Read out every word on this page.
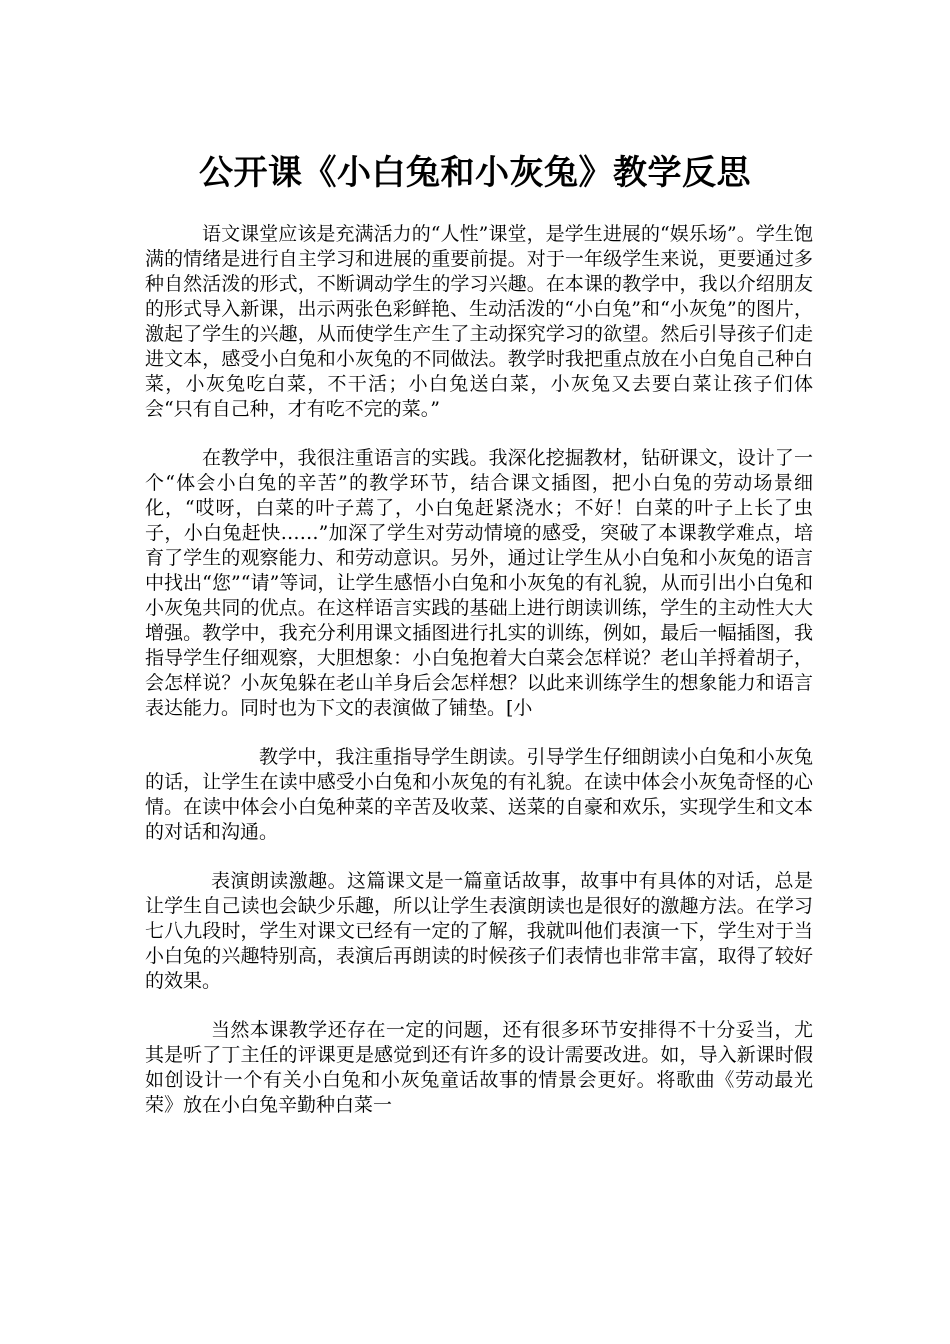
公开课《小白兔和小灰兔》教学反思

语文课堂应该是充满活力的“人性”课堂，是学生进展的“娱乐场”。学生饱满的情绪是进行自主学习和进展的重要前提。对于一年级学生来说，更要通过多种自然活泼的形式，不断调动学生的学习兴趣。在本课的教学中，我以介绍朋友的形式导入新课，出示两张色彩鲜艳、生动活泼的“小白兔”和“小灰兔”的图片，激起了学生的兴趣，从而使学生产生了主动探究学习的欲望。然后引导孩子们走进文本，感受小白兔和小灰兔的不同做法。教学时我把重点放在小白兔自己种白菜，小灰兔吃白菜，不干活；小白兔送白菜，小灰兔又去要白菜让孩子们体会“只有自己种，才有吃不完的菜。”

在教学中，我很注重语言的实践。我深化挖掘教材，钻研课文，设计了一个“体会小白兔的辛苦”的教学环节，结合课文插图，把小白兔的劳动场景细化，“哎呀，白菜的叶子蔫了，小白兔赶紧浇水；不好！白菜的叶子上长了虫子，小白兔赶快……”加深了学生对劳动情境的感受，突破了本课教学难点，培育了学生的观察能力、和劳动意识。另外，通过让学生从小白兔和小灰兔的语言中找出“您”“请”等词，让学生感悟小白兔和小灰兔的有礼貌，从而引出小白兔和小灰兔共同的优点。在这样语言实践的基础上进行朗读训练，学生的主动性大大增强。教学中，我充分利用课文插图进行扎实的训练，例如，最后一幅插图，我指导学生仔细观察，大胆想象：小白兔抱着大白菜会怎样说？老山羊捋着胡子，会怎样说？小灰兔躲在老山羊身后会怎样想？以此来训练学生的想象能力和语言表达能力。同时也为下文的表演做了铺垫。[小

教学中，我注重指导学生朗读。引导学生仔细朗读小白兔和小灰兔的话，让学生在读中感受小白兔和小灰兔的有礼貌。在读中体会小灰兔奇怪的心情。在读中体会小白兔种菜的辛苦及收菜、送菜的自豪和欢乐，实现学生和文本的对话和沟通。

表演朗读激趣。这篇课文是一篇童话故事，故事中有具体的对话，总是让学生自己读也会缺少乐趣，所以让学生表演朗读也是很好的激趣方法。在学习七八九段时，学生对课文已经有一定的了解，我就叫他们表演一下，学生对于当小白兔的兴趣特别高，表演后再朗读的时候孩子们表情也非常丰富，取得了较好的效果。

当然本课教学还存在一定的问题，还有很多环节安排得不十分妥当，尤其是听了丁主任的评课更是感觉到还有许多的设计需要改进。如，导入新课时假如创设计一个有关小白兔和小灰兔童话故事的情景会更好。将歌曲《劳动最光荣》放在小白兔辛勤种白菜一
